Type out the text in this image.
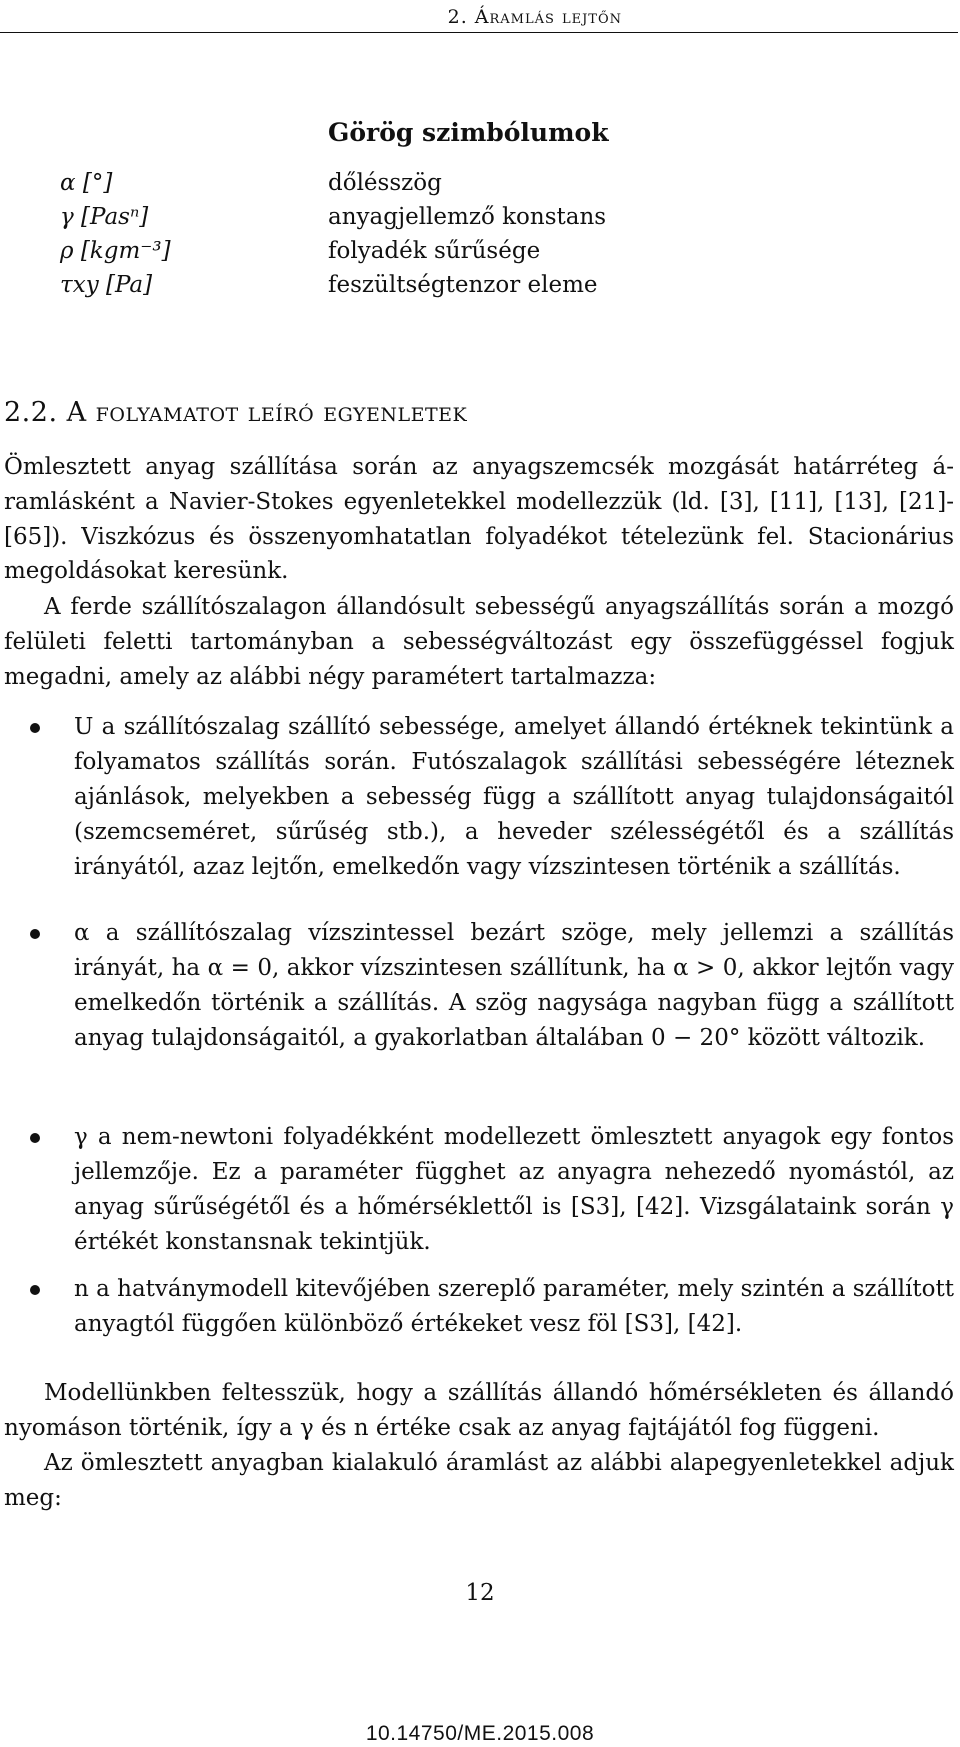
2. Áramlás lejtőn
Görög szimbólumok
α [°]	dőlésszög
γ [Pasⁿ]	anyagjellemző konstans
ρ [kgm⁻³]	folyadék sűrűsége
τxy [Pa]	feszültségtenzor eleme
2.2. A folyamatot leíró egyenletek
Ömlesztett anyag szállítása során az anyagszemcsék mozgását határréteg á-ramlásként a Navier-Stokes egyenletekkel modellezzük (ld. [3], [11], [13], [21]-[65]). Viszkózus és összenyomhatatlan folyadékot tételezünk fel. Stacionárius megoldásokat keresünk.
A ferde szállítószalagon állandósult sebességű anyagszállítás során a mozgó felületi feletti tartományban a sebességváltozást egy összefüggéssel fogjuk megadni, amely az alábbi négy paramétert tartalmazza:
U a szállítószalag szállító sebessége, amelyet állandó értéknek tekintünk a folyamatos szállítás során. Futószalagok szállítási sebességére léteznek ajánlások, melyekben a sebesség függ a szállított anyag tulajdonságaitól (szemcseméret, sűrűség stb.), a heveder szélességétől és a szállítás irányától, azaz lejtőn, emelkedőn vagy vízszintesen történik a szállítás.
α a szállítószalag vízszintessel bezárt szöge, mely jellemzi a szállítás irányát, ha α = 0, akkor vízszintesen szállítunk, ha α > 0, akkor lejtőn vagy emelkedőn történik a szállítás. A szög nagysága nagyban függ a szállított anyag tulajdonságaitól, a gyakorlatban általában 0 − 20° között változik.
γ a nem-newtoni folyadékként modellezett ömlesztett anyagok egy fontos jellemzője. Ez a paraméter függhet az anyagra nehezedő nyomástól, az anyag sűrűségétől és a hőmérséklettől is [S3], [42]. Vizsgálataink során γ értékét konstansnak tekintjük.
n a hatványmodell kitevőjében szereplő paraméter, mely szintén a szállított anyagtól függően különböző értékeket vesz föl [S3], [42].
Modellünkben feltesszük, hogy a szállítás állandó hőmérsékleten és állandó nyomáson történik, így a γ és n értéke csak az anyag fajtájától fog függeni.
Az ömlesztett anyagban kialakuló áramlást az alábbi alapegyenletekkel adjuk meg:
12
10.14750/ME.2015.008
